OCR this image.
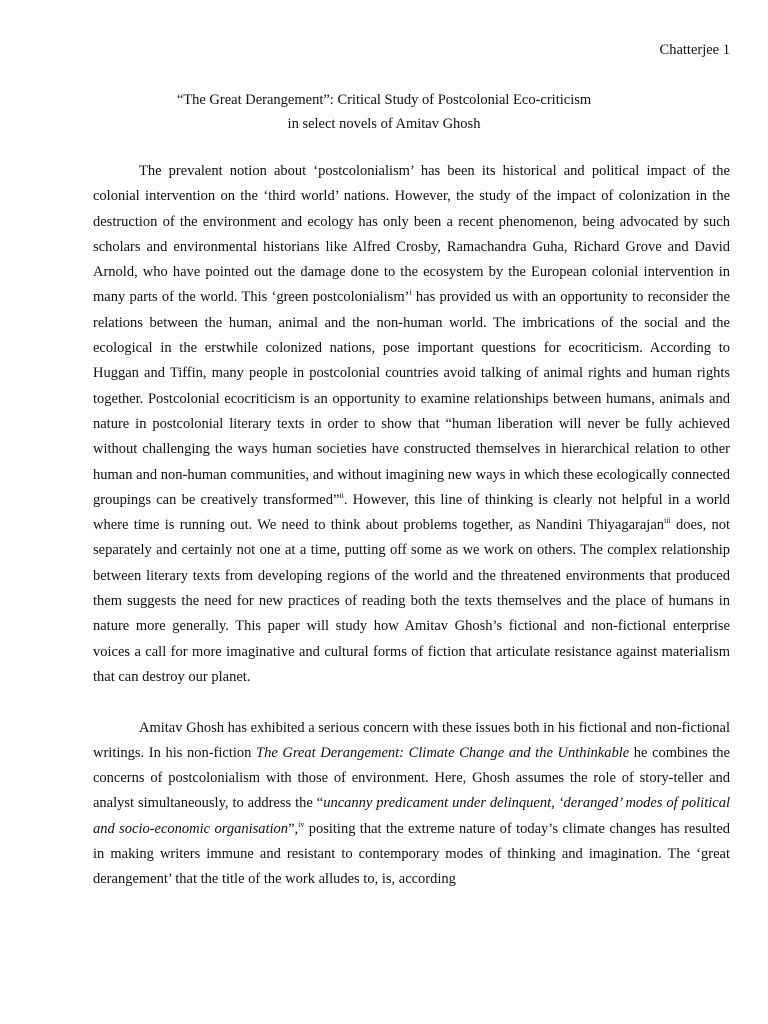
Chatterjee 1
“The Great Derangement”: Critical Study of Postcolonial Eco-criticism
in select novels of Amitav Ghosh

The prevalent notion about ‘postcolonialism’ has been its historical and political impact of the colonial intervention on the ‘third world’ nations. However, the study of the impact of colonization in the destruction of the environment and ecology has only been a recent phenomenon, being advocated by such scholars and environmental historians like Alfred Crosby, Ramachandra Guha, Richard Grove and David Arnold, who have pointed out the damage done to the ecosystem by the European colonial intervention in many parts of the world. This ‘green postcolonialism’$^i$ has provided us with an opportunity to reconsider the relations between the human, animal and the non-human world. The imbrications of the social and the ecological in the erstwhile colonized nations, pose important questions for ecocriticism. According to Huggan and Tiffin, many people in postcolonial countries avoid talking of animal rights and human rights together. Postcolonial ecocriticism is an opportunity to examine relationships between humans, animals and nature in postcolonial literary texts in order to show that “human liberation will never be fully achieved without challenging the ways human societies have constructed themselves in hierarchical relation to other human and non-human communities, and without imagining new ways in which these ecologically connected groupings can be creatively transformed”$^{ii}$. However, this line of thinking is clearly not helpful in a world where time is running out. We need to think about problems together, as Nandini Thiyagarajan$^{iii}$ does, not separately and certainly not one at a time, putting off some as we work on others. The complex relationship between literary texts from developing regions of the world and the threatened environments that produced them suggests the need for new practices of reading both the texts themselves and the place of humans in nature more generally. This paper will study how Amitav Ghosh’s fictional and non-fictional enterprise voices a call for more imaginative and cultural forms of fiction that articulate resistance against materialism that can destroy our planet.

Amitav Ghosh has exhibited a serious concern with these issues both in his fictional and non-fictional writings. In his non-fiction The Great Derangement: Climate Change and the Unthinkable he combines the concerns of postcolonialism with those of environment. Here, Ghosh assumes the role of story-teller and analyst simultaneously, to address the “uncanny predicament under delinquent, ‘deranged’ modes of political and socio-economic organisation”,$^{iv}$ positing that the extreme nature of today’s climate changes has resulted in making writers immune and resistant to contemporary modes of thinking and imagination. The ‘great derangement’ that the title of the work alludes to, is, according
